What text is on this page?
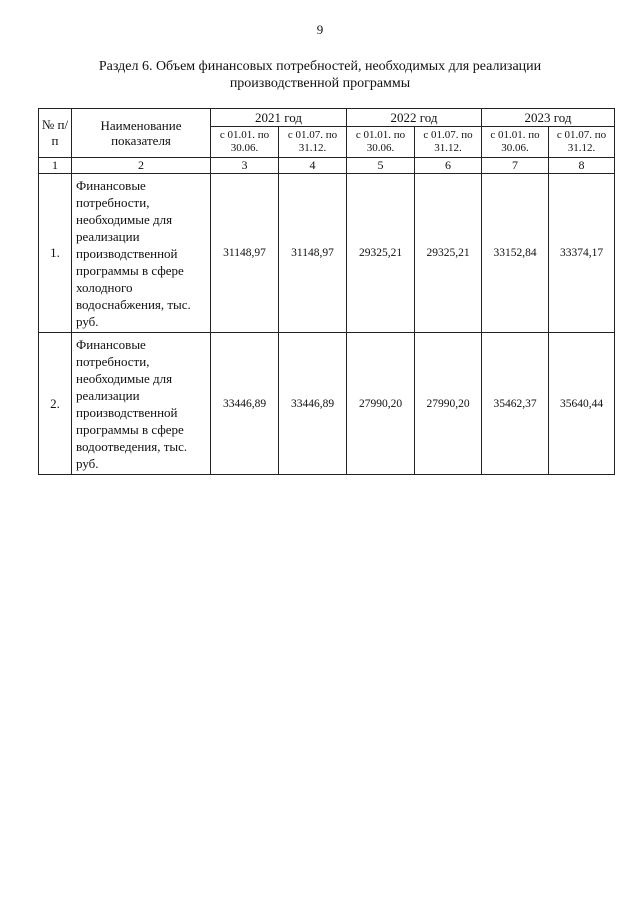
9
Раздел 6. Объем финансовых потребностей, необходимых для реализации
производственной программы
№ п/п	Наименование показателя	2021 год		2022 год		2023 год	
		с 01.01. по 30.06.	с 01.07. по 31.12.	с 01.01. по 30.06.	с 01.07. по 31.12.	с 01.01. по 30.06.	с 01.07. по 31.12.
1	2	3	4	5	6	7	8
1.	Финансовые потребности, необходимые для реализации производственной программы в сфере холодного водоснабжения, тыс. руб.	31148,97	31148,97	29325,21	29325,21	33152,84	33374,17
2.	Финансовые потребности, необходимые для реализации производственной программы в сфере водоотведения, тыс. руб.	33446,89	33446,89	27990,20	27990,20	35462,37	35640,44
